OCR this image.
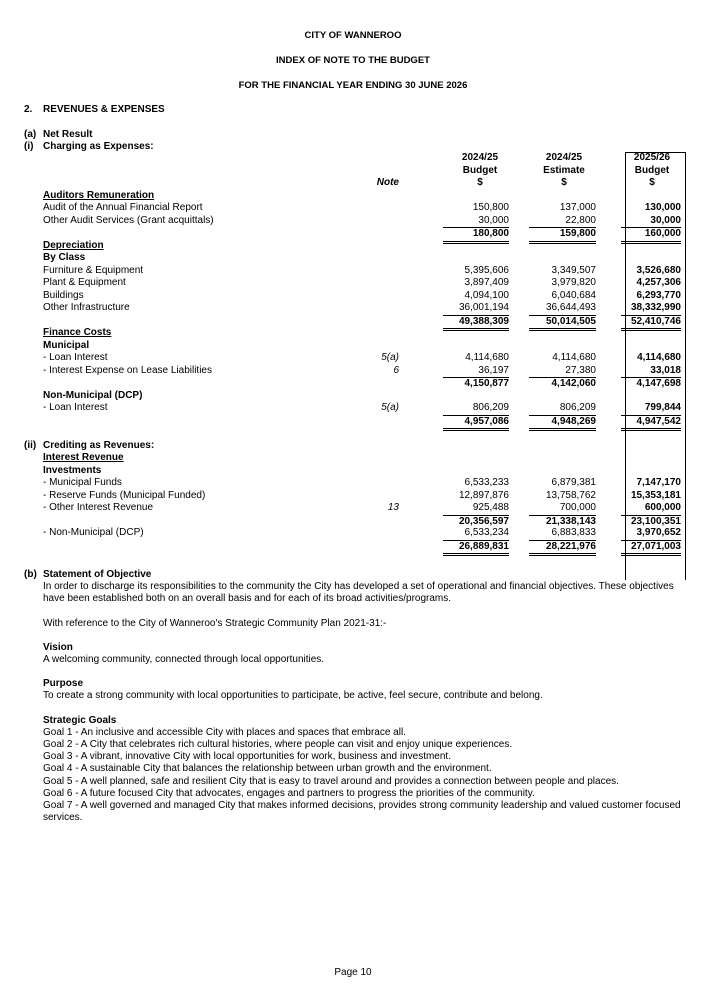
CITY OF WANNEROO
INDEX OF NOTE TO THE BUDGET
FOR THE FINANCIAL YEAR ENDING 30 JUNE 2026
2. REVENUES & EXPENSES
(a) Net Result
(i) Charging as Expenses:
2024/25	2024/25	2025/26
Budget	Estimate	Budget
Note	$	$	$
Auditors Remuneration
Audit of the Annual Financial Report	150,800	137,000	130,000
Other Audit Services (Grant acquittals)	30,000	22,800	30,000
180,800	159,800	160,000
Depreciation
By Class
Furniture & Equipment	5,395,606	3,349,507	3,526,680
Plant & Equipment	3,897,409	3,979,820	4,257,306
Buildings	4,094,100	6,040,684	6,293,770
Other Infrastructure	36,001,194	36,644,493	38,332,990
49,388,309	50,014,505	52,410,746
Finance Costs
Municipal
- Loan Interest	5(a)	4,114,680	4,114,680	4,114,680
- Interest Expense on Lease Liabilities	6	36,197	27,380	33,018
4,150,877	4,142,060	4,147,698
Non-Municipal (DCP)
- Loan Interest	5(a)	806,209	806,209	799,844
4,957,086	4,948,269	4,947,542
(ii) Crediting as Revenues:
Interest Revenue
Investments
- Municipal Funds	6,533,233	6,879,381	7,147,170
- Reserve Funds (Municipal Funded)	12,897,876	13,758,762	15,353,181
- Other Interest Revenue	13	925,488	700,000	600,000
20,356,597	21,338,143	23,100,351
- Non-Municipal (DCP)	6,533,234	6,883,833	3,970,652
26,889,831	28,221,976	27,071,003
(b) Statement of Objective
In order to discharge its responsibilities to the community the City has developed a set of operational and financial objectives. These objectives have been established both on an overall basis and for each of its broad activities/programs.
With reference to the City of Wanneroo's Strategic Community Plan 2021-31:-
Vision
A welcoming community, connected through local opportunities.
Purpose
To create a strong community with local opportunities to participate, be active, feel secure, contribute and belong.
Strategic Goals
Goal 1 - An inclusive and accessible City with places and spaces that embrace all.
Goal 2 - A City that celebrates rich cultural histories, where people can visit and enjoy unique experiences.
Goal 3 - A vibrant, innovative City with local opportunities for work, business and investment.
Goal 4 - A sustainable City that balances the relationship between urban growth and the environment.
Goal 5 - A well planned, safe and resilient City that is easy to travel around and provides a connection between people and places.
Goal 6 - A future focused City that advocates, engages and partners to progress the priorities of the community.
Goal 7 - A well governed and managed City that makes informed decisions, provides strong community leadership and valued customer focused services.
Page 10
